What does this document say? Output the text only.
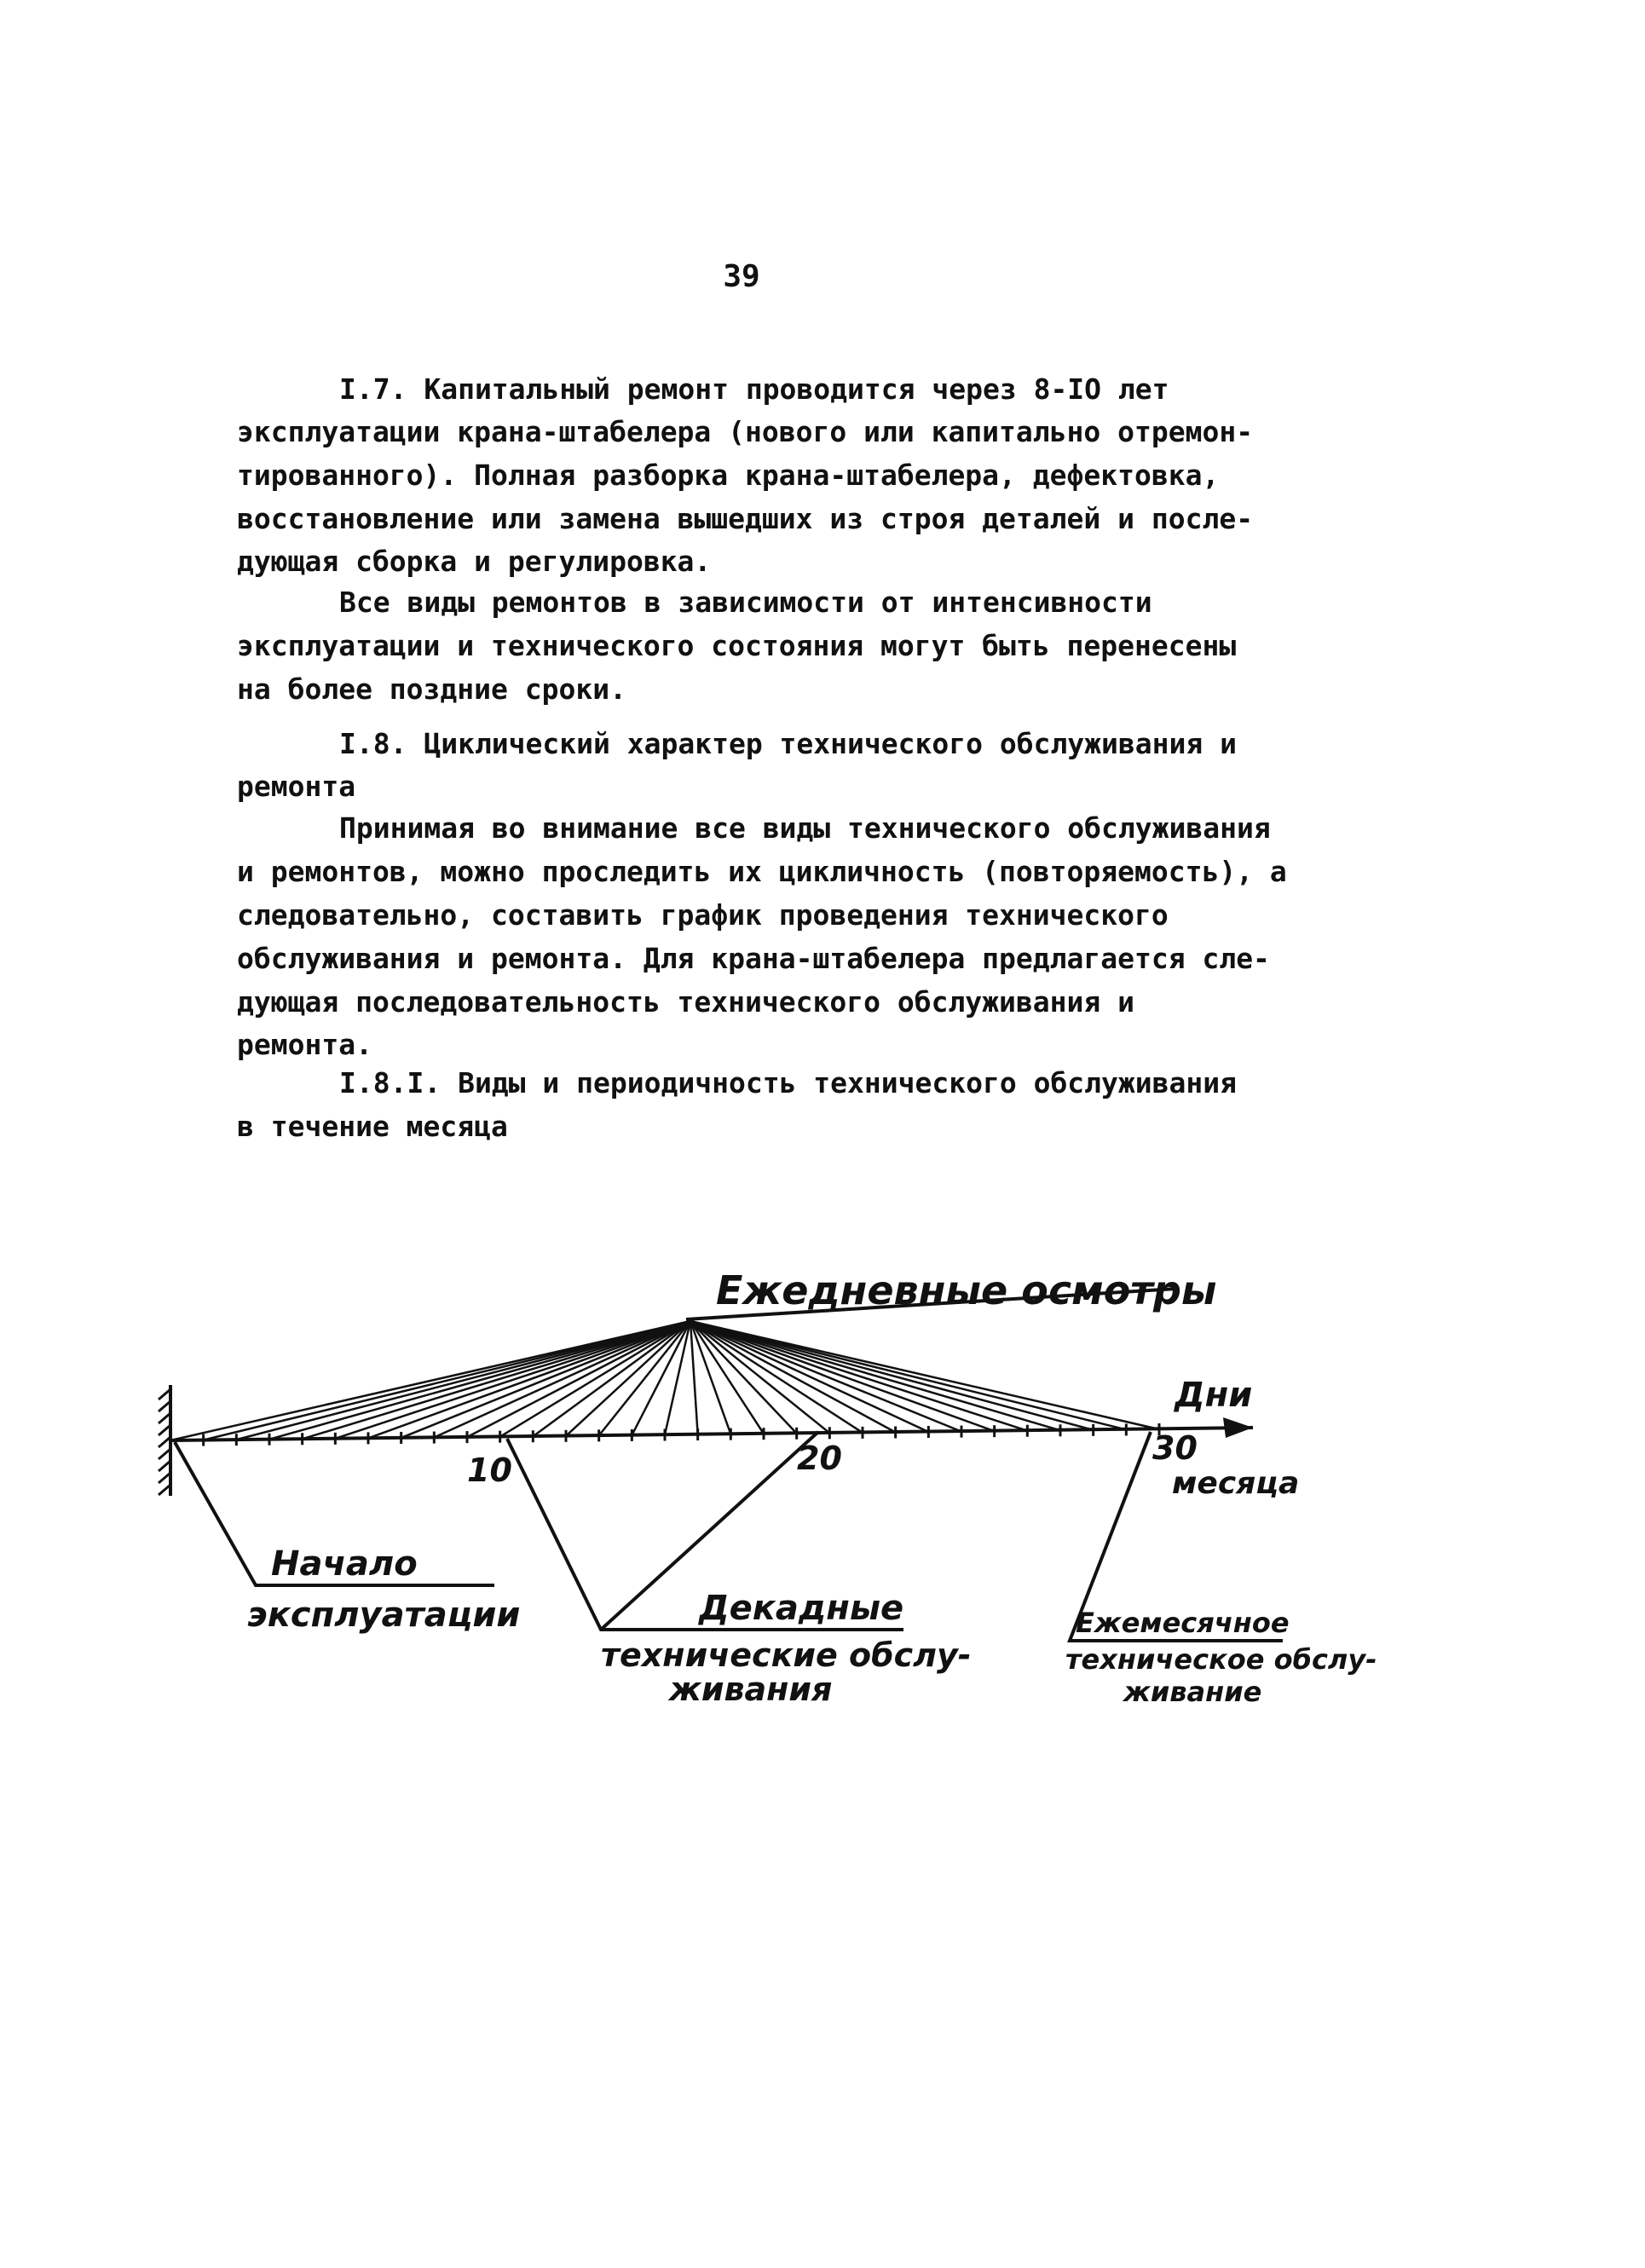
39
I.7. Капитальный ремонт проводится через 8-IO лет
эксплуатации крана-штабелера (нового или капитально отремон-
тированного). Полная разборка крана-штабелера, дефектовка,
восстановление или замена вышедших из строя деталей и после-
дующая сборка и регулировка.
Все виды ремонтов в зависимости от интенсивности
эксплуатации и технического состояния могут быть перенесены
на более поздние сроки.
I.8. Циклический характер технического обслуживания и
ремонта
Принимая во внимание все виды технического обслуживания
и ремонтов, можно проследить их цикличность (повторяемость), а
следовательно, составить график проведения технического
обслуживания и ремонта. Для крана-штабелера предлагается сле-
дующая последовательность технического обслуживания и
ремонта.
I.8.I. Виды и периодичность технического обслуживания
в течение месяца
Ежедневные осмотры
Дни
10	20	30
месяца
Начало
эксплуатации	Декадные
технические обслу-
живания
Ежемесячное
техническое обслу-
живание
